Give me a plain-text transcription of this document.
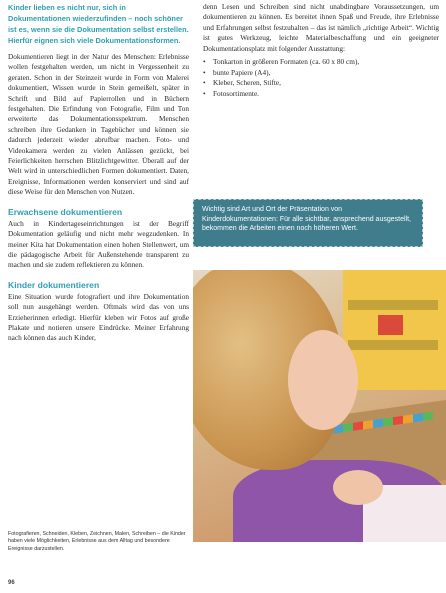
Kinder lieben es nicht nur, sich in Dokumentationen wiederzufinden – noch schöner ist es, wenn sie die Dokumentation selbst erstellen. Hierfür eignen sich viele Dokumentationsformen.

Dokumentieren liegt in der Natur des Menschen: Erlebnisse wollen festgehalten werden, um nicht in Vergessenheit zu geraten. Schon in der Steinzeit wurde in Form von Malerei dokumentiert, Wissen wurde in Stein gemeißelt, später in Schrift und Bild auf Papierrollen und in Büchern festgehalten. Die Erfindung von Fotografie, Film und Ton erweiterte das Dokumentationsspektrum. Menschen schreiben ihre Gedanken in Tagebücher und können sie dadurch jederzeit wieder abrufbar machen. Foto- und Videokamera werden zu vielen Anlässen gezückt, bei Feierlichkeiten herrschen Blitzlichtgewitter. Überall auf der Welt wird in unterschiedlichen Formen dokumentiert. Daten, Ereignisse, Informationen werden konserviert und sind auf diese Weise für den Menschen von Nutzen.

Erwachsene dokumentieren

Auch in Kindertageseinrichtungen ist der Begriff Dokumentation geläufig und nicht mehr wegzudenken. In meiner Kita hat Dokumentation einen hohen Stellenwert, um die pädagogische Arbeit für Außenstehende transparent zu machen und sie zudem reflektieren zu können.

Kinder dokumentieren

Eine Situation wurde fotografiert und ihre Dokumentation soll nun ausgehängt werden. Oftmals wird das von uns Erzieherinnen erledigt. Hierfür kleben wir Fotos auf große Plakate und notieren unsere Eindrücke. Meiner Erfahrung nach können das auch Kinder,

denn Lesen und Schreiben sind nicht unabdingbare Voraussetzungen, um dokumentieren zu können. Es bereitet ihnen Spaß und Freude, ihre Erlebnisse und Erfahrungen selbst festzuhalten – das ist nämlich „richtige Arbeit“. Wichtig ist gutes Werkzeug, leichte Materialbeschaffung und ein geeigneter Dokumentationsplatz mit folgender Ausstattung:

• Tonkarton in größeren Formaten (ca. 60 x 80 cm),
• bunte Papiere (A4),
• Kleber, Scheren, Stifte,
• Fotosortimente.
Wichtig sind Art und Ort der Präsentation von Kinderdokumentationen: Für alle sichtbar, ansprechend ausgestellt, bekommen die Arbeiten einen noch höheren Wert.
Fotografieren, Schneiden, Kleben, Zeichnen, Malen, Schreiben – die Kinder haben viele Möglichkeiten, Erlebnisse aus dem Alltag und besondere Ereignisse darzustellen.
96
